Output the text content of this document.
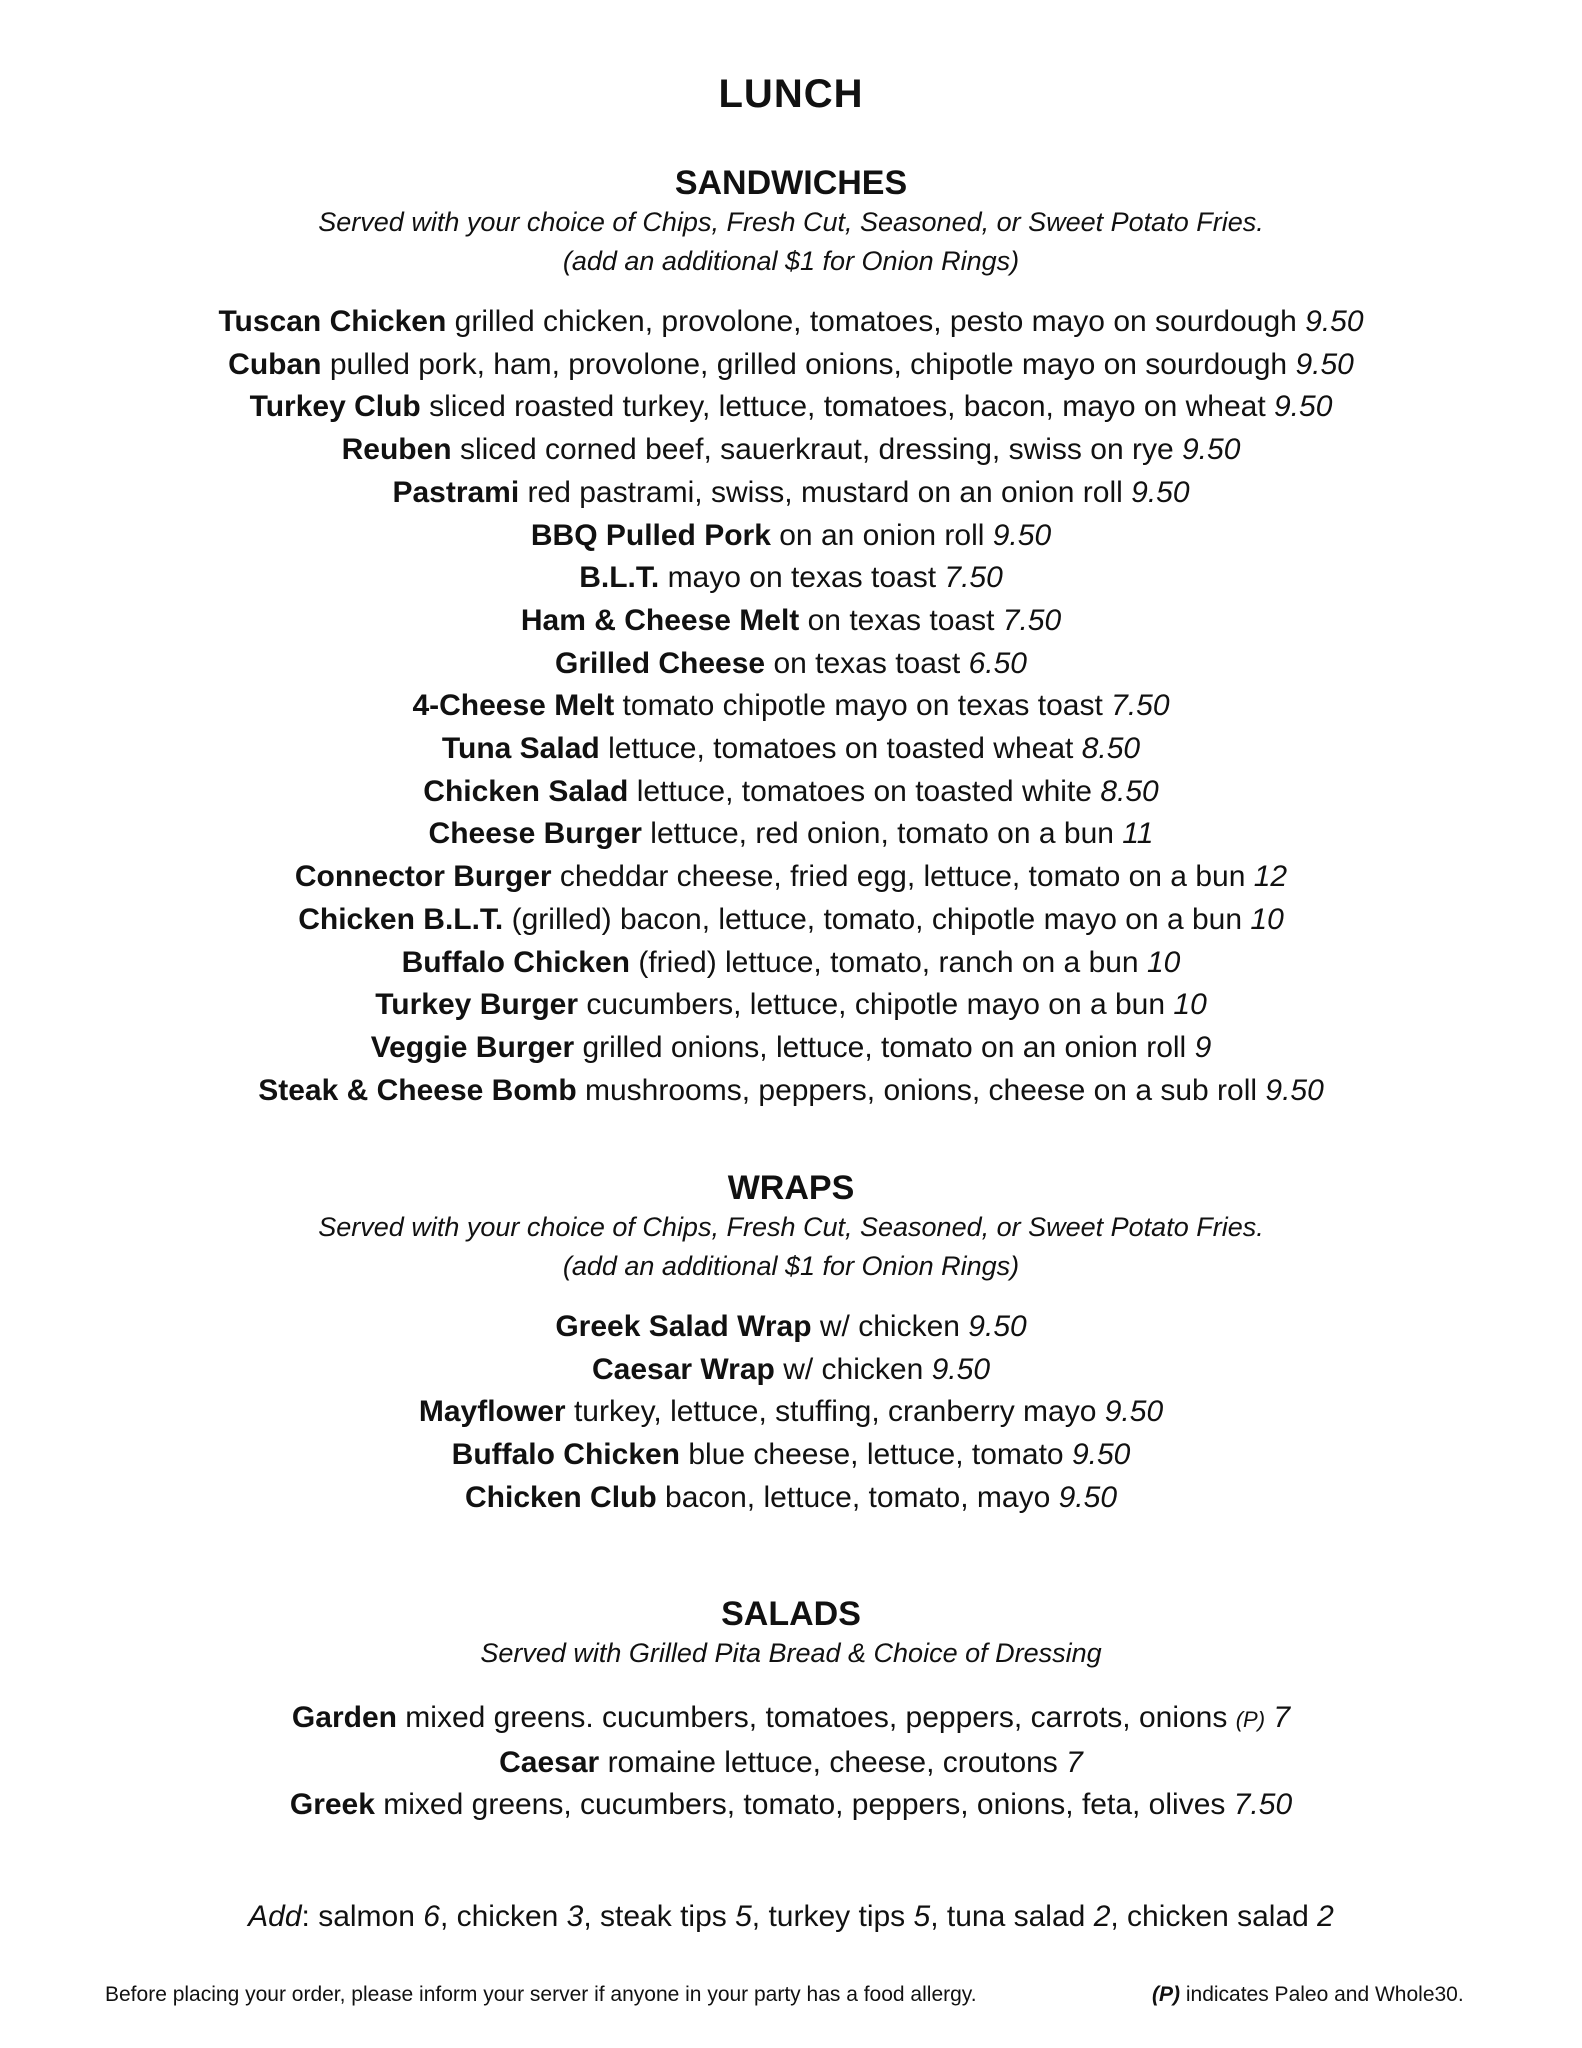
LUNCH
SANDWICHES

Served with your choice of Chips, Fresh Cut, Seasoned, or Sweet Potato Fries.

(add an additional $1 for Onion Rings)

Tuscan Chicken grilled chicken, provolone, tomatoes, pesto mayo on sourdough 9.50
Cuban pulled pork, ham, provolone, grilled onions, chipotle mayo on sourdough 9.50
Turkey Club sliced roasted turkey, lettuce, tomatoes, bacon, mayo on wheat 9.50
Reuben sliced corned beef, sauerkraut, dressing, swiss on rye 9.50
Pastrami red pastrami, swiss, mustard on an onion roll 9.50
BBQ Pulled Pork on an onion roll 9.50
B.L.T. mayo on texas toast 7.50
Ham & Cheese Melt on texas toast 7.50
Grilled Cheese on texas toast 6.50
4-Cheese Melt tomato chipotle mayo on texas toast 7.50
Tuna Salad lettuce, tomatoes on toasted wheat 8.50
Chicken Salad lettuce, tomatoes on toasted white 8.50
Cheese Burger lettuce, red onion, tomato on a bun 11
Connector Burger cheddar cheese, fried egg, lettuce, tomato on a bun 12
Chicken B.L.T. (grilled) bacon, lettuce, tomato, chipotle mayo on a bun 10
Buffalo Chicken (fried) lettuce, tomato, ranch on a bun 10
Turkey Burger cucumbers, lettuce, chipotle mayo on a bun 10
Veggie Burger grilled onions, lettuce, tomato on an onion roll 9
Steak & Cheese Bomb mushrooms, peppers, onions, cheese on a sub roll 9.50
WRAPS

Served with your choice of Chips, Fresh Cut, Seasoned, or Sweet Potato Fries.

(add an additional $1 for Onion Rings)

Greek Salad Wrap w/ chicken 9.50
Caesar Wrap w/ chicken 9.50
Mayflower turkey, lettuce, stuffing, cranberry mayo 9.50
Buffalo Chicken blue cheese, lettuce, tomato 9.50
Chicken Club bacon, lettuce, tomato, mayo 9.50
SALADS

Served with Grilled Pita Bread & Choice of Dressing

Garden mixed greens. cucumbers, tomatoes, peppers, carrots, onions (P) 7
Caesar romaine lettuce, cheese, croutons 7
Greek mixed greens, cucumbers, tomato, peppers, onions, feta, olives 7.50
Add: salmon 6, chicken 3, steak tips 5, turkey tips 5, tuna salad 2, chicken salad 2
Before placing your order, please inform your server if anyone in your party has a food allergy.	(P) indicates Paleo and Whole30.
